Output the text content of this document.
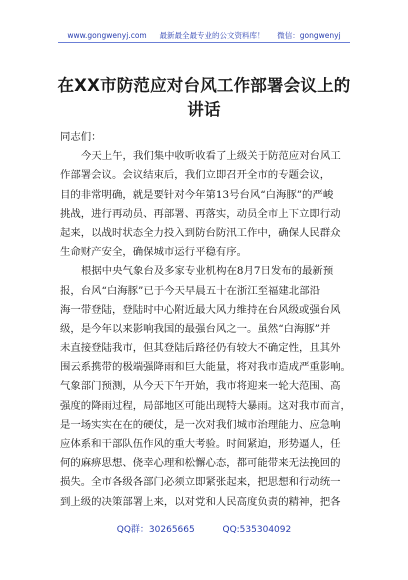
www.gongwenyj.com 最新最全最专业的公文资料库！ 微信：gongwenyj
在XX市防范应对台风工作部署会议上的
讲话
同志们：
今天上午，我们集中收听收看了上级关于防范应对台风工
作部署会议。会议结束后，我们立即召开全市的专题会议，
目的非常明确，就是要针对今年第13号台风“白海豚”的严峻
挑战，进行再动员、再部署、再落实，动员全市上下立即行动
起来，以战时状态全力投入到防台防汛工作中，确保人民群众
生命财产安全，确保城市运行平稳有序。
根据中央气象台及多家专业机构在8月7日发布的最新预
报，台风“白海豚”已于今天早晨五十在浙江至福建北部沿
海一带登陆，登陆时中心附近最大风力维持在台风级或强台风
级，是今年以来影响我国的最强台风之一。虽然“白海豚”并
未直接登陆我市，但其登陆后路径仍有较大不确定性，且其外
围云系携带的极端强降雨和巨大能量，将对我市造成严重影响。
气象部门预测，从今天下午开始，我市将迎来一轮大范围、高
强度的降雨过程，局部地区可能出现特大暴雨。这对我市而言，
是一场实实在在的硬仗，是一次对我们城市治理能力、应急响
应体系和干部队伍作风的重大考验。时间紧迫，形势逼人，任
何的麻痹思想、侥幸心理和松懈心态，都可能带来无法挽回的
损失。全市各级各部门必须立即紧张起来，把思想和行动统一
到上级的决策部署上来，以对党和人民高度负责的精神，把各
QQ群：30265665	QQ:535304092
